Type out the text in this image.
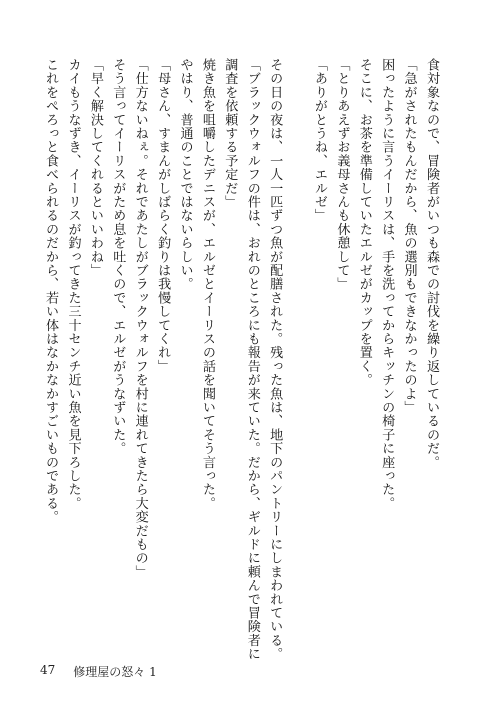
食対象なので、冒険者がいつも森での討伐を繰り返しているのだ。
「急がされたもんだから、魚の選別もできなかったのよ」
困ったように言うイーリスは、手を洗ってからキッチンの椅子に座った。
そこに、お茶を準備していたエルゼがカップを置く。
「とりあえずお義母さんも休憩して」
「ありがとうね、エルゼ」
その日の夜は、一人一匹ずつ魚が配膳された。残った魚は、地下のパントリーにしまわれている。
「ブラックウォルフの件は、おれのところにも報告が来ていた。だから、ギルドに頼んで冒険者に
調査を依頼する予定だ」
焼き魚を咀嚼したデニスが、エルゼとイーリスの話を聞いてそう言った。
やはり、普通のことではないらしい。
「母さん、すまんがしばらく釣りは我慢してくれ」
「仕方ないねぇ。それであたしがブラックウォルフを村に連れてきたら大変だもの」
そう言ってイーリスがため息を吐くので、エルゼがうなずいた。
「早く解決してくれるといいわね」
カイもうなずき、イーリスが釣ってきた三十センチ近い魚を見下ろした。
これをぺろっと食べられるのだから、若い体はなかなかすごいものである。
47 修理屋の怒々 1
